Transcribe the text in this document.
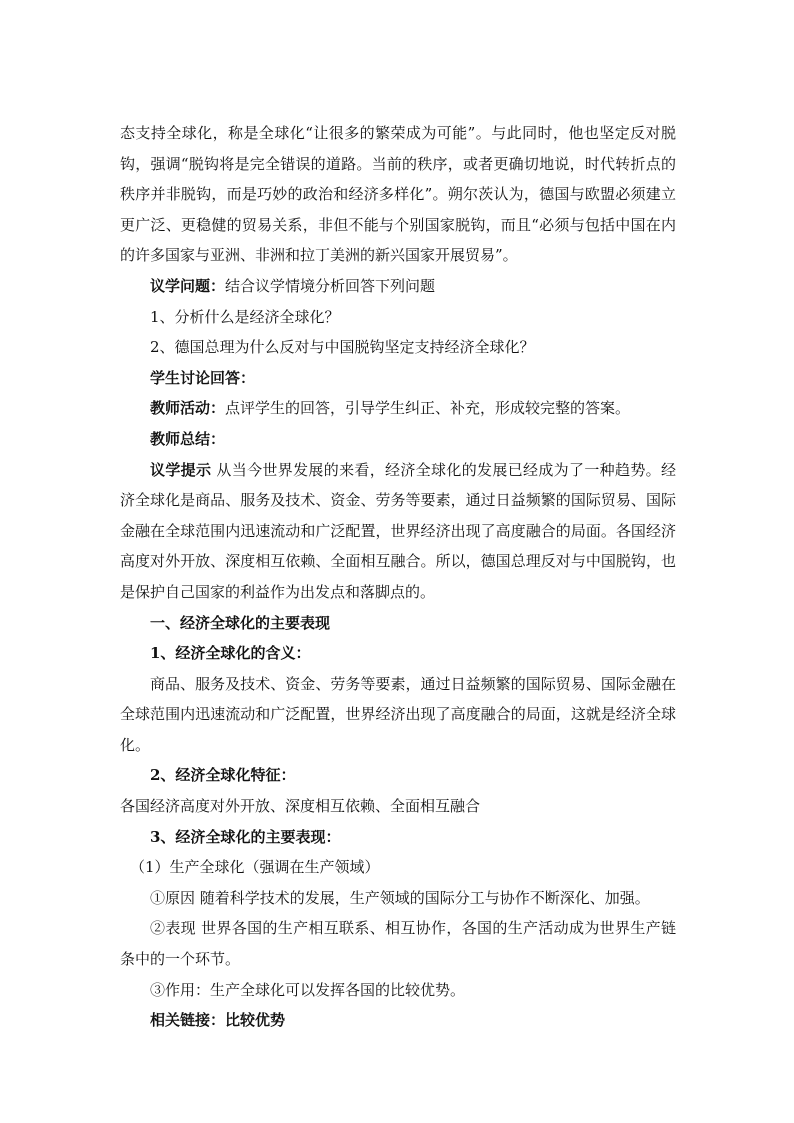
态支持全球化，称是全球化“让很多的繁荣成为可能”。与此同时，他也坚定反对脱钩，强调“脱钩将是完全错误的道路。当前的秩序，或者更确切地说，时代转折点的秩序并非脱钩，而是巧妙的政治和经济多样化”。朔尔茨认为，德国与欧盟必须建立更广泛、更稳健的贸易关系，非但不能与个别国家脱钩，而且“必须与包括中国在内的许多国家与亚洲、非洲和拉丁美洲的新兴国家开展贸易”。

议学问题：结合议学情境分析回答下列问题

1、分析什么是经济全球化？

2、德国总理为什么反对与中国脱钩坚定支持经济全球化？

学生讨论回答：

教师活动：点评学生的回答，引导学生纠正、补充，形成较完整的答案。

教师总结：

议学提示 从当今世界发展的来看，经济全球化的发展已经成为了一种趋势。经济全球化是商品、服务及技术、资金、劳务等要素，通过日益频繁的国际贸易、国际金融在全球范围内迅速流动和广泛配置，世界经济出现了高度融合的局面。各国经济高度对外开放、深度相互依赖、全面相互融合。所以，德国总理反对与中国脱钩，也是保护自己国家的利益作为出发点和落脚点的。

一、经济全球化的主要表现

1、经济全球化的含义：

商品、服务及技术、资金、劳务等要素，通过日益频繁的国际贸易、国际金融在全球范围内迅速流动和广泛配置，世界经济出现了高度融合的局面，这就是经济全球化。

2、经济全球化特征：

各国经济高度对外开放、深度相互依赖、全面相互融合

3、经济全球化的主要表现：

（1）生产全球化（强调在生产领域）

①原因 随着科学技术的发展，生产领域的国际分工与协作不断深化、加强。

②表现 世界各国的生产相互联系、相互协作，各国的生产活动成为世界生产链条中的一个环节。

③作用：生产全球化可以发挥各国的比较优势。

相关链接：比较优势
